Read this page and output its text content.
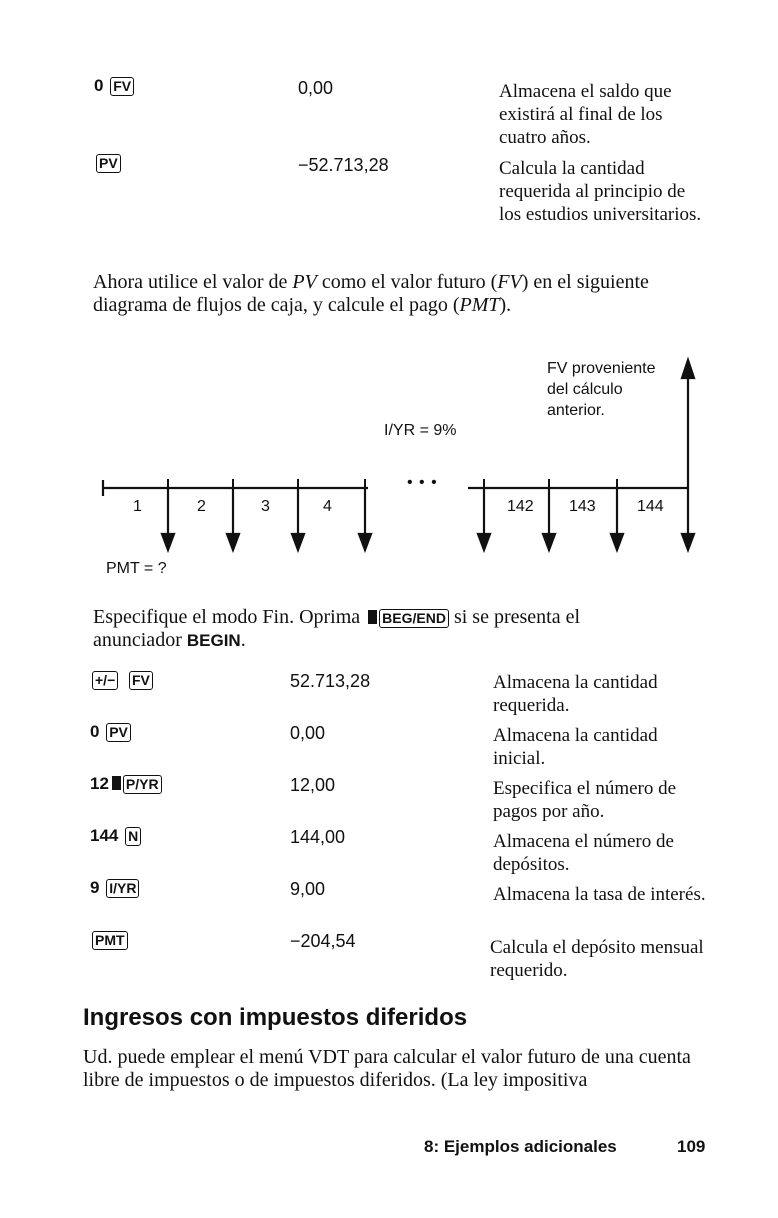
0 FV	0,00	Almacena el saldo que existirá al final de los cuatro años.
PV	−52.713,28	Calcula la cantidad requerida al principio de los estudios universitarios.
Ahora utilice el valor de PV como el valor futuro (FV) en el siguiente diagrama de flujos de caja, y calcule el pago (PMT).
1	2	3	4
• • •
142 143	144
FV proveniente
del cálculo
anterior.
I/YR = 9%
PMT = ?
Especifique el modo Fin. Oprima BEG/END si se presenta el
anunciador BEGIN.
+/− FV	52.713,28	Almacena la cantidad requerida.
0 PV	0,00	Almacena la cantidad inicial.
12 P/YR	12,00	Especifica el número de pagos por año.
144 N	144,00	Almacena el número de depósitos.
9 I/YR	9,00	Almacena la tasa de interés.
PMT	−204,54	Calcula el depósito mensual requerido.
Ingresos con impuestos diferidos
Ud. puede emplear el menú VDT para calcular el valor futuro de una cuenta libre de impuestos o de impuestos diferidos. (La ley impositiva
8: Ejemplos adicionales	109
